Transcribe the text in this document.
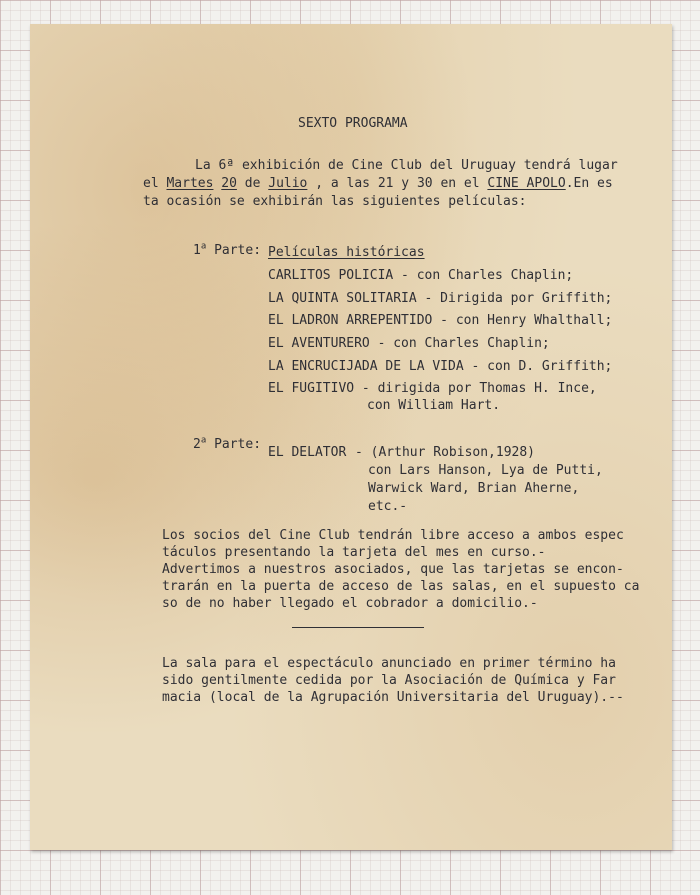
SEXTO PROGRAMA
La 6ª exhibición de Cine Club del Uruguay tendrá lugar
el Martes 20 de Julio , a las 21 y 30 en el CINE APOLO.En es
ta ocasión se exhibirán las siguientes películas:
1$^a$ Parte: Películas históricas
CARLITOS POLICIA - con Charles Chaplin;
LA QUINTA SOLITARIA - Dirigida por Griffith;
EL LADRON ARREPENTIDO - con Henry Whalthall;
EL AVENTURERO - con Charles Chaplin;
LA ENCRUCIJADA DE LA VIDA - con D. Griffith;
EL FUGITIVO - dirigida por Thomas H. Ince,
con William Hart.
2$^a$ Parte:
EL DELATOR - (Arthur Robison,1928)
con Lars Hanson, Lya de Putti,
Warwick Ward, Brian Aherne,
etc.-
Los socios del Cine Club tendrán libre acceso a ambos espec
táculos presentando la tarjeta del mes en curso.-
Advertimos a nuestros asociados, que las tarjetas se encon-
trarán en la puerta de acceso de las salas, en el supuesto ca
so de no haber llegado el cobrador a domicilio.-
La sala para el espectáculo anunciado en primer término ha
sido gentilmente cedida por la Asociación de Química y Far
macia (local de la Agrupación Universitaria del Uruguay).--
